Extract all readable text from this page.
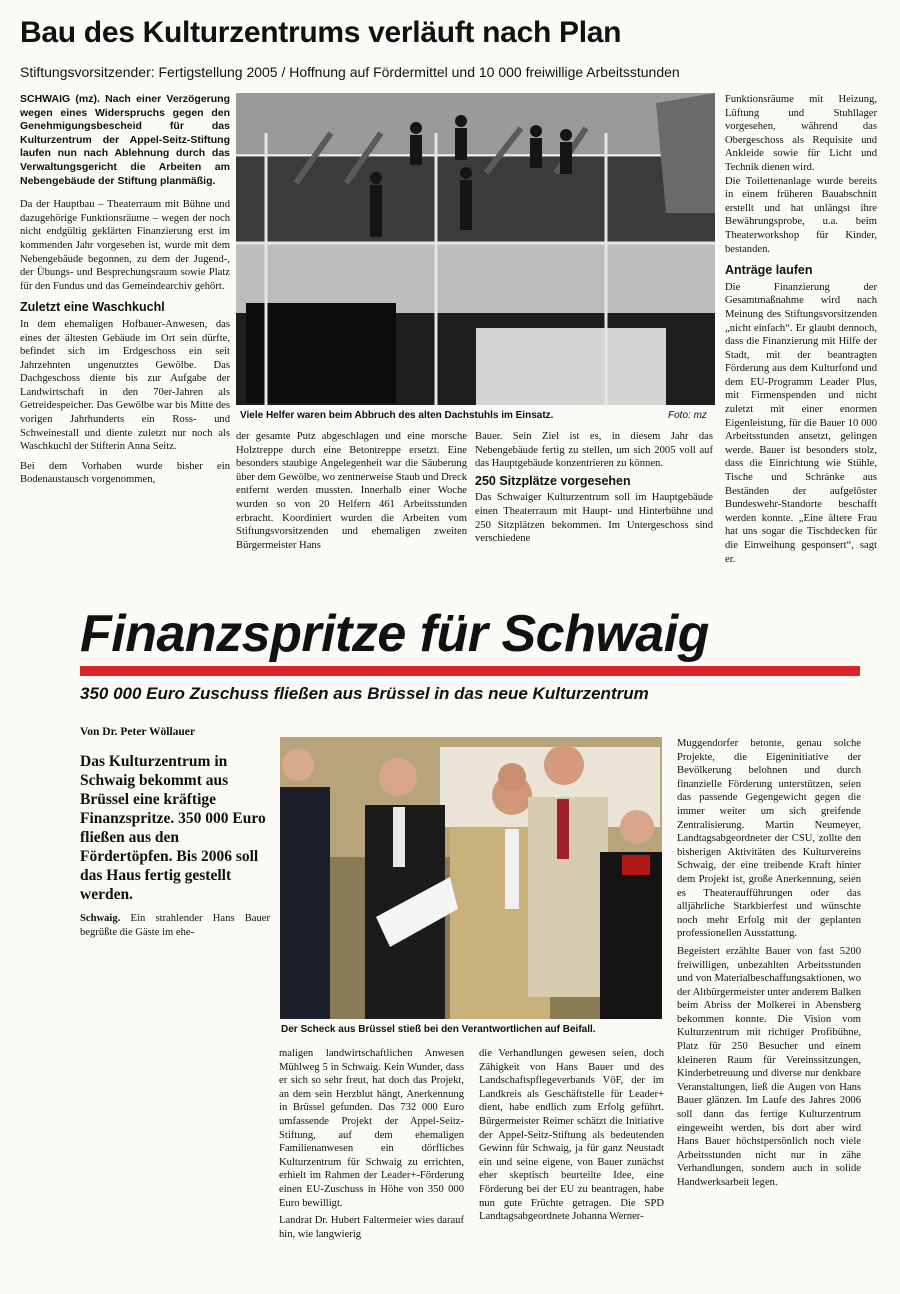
Bau des Kulturzentrums verläuft nach Plan
Stiftungsvorsitzender: Fertigstellung 2005 / Hoffnung auf Fördermittel und 10 000 freiwillige Arbeitsstunden

SCHWAIG (mz). Nach einer Verzögerung wegen eines Widerspruchs gegen den Genehmigungsbescheid für das Kulturzentrum der Appel-Seitz-Stiftung laufen nun nach Ablehnung durch das Verwaltungsgericht die Arbeiten am Nebengebäude der Stiftung planmäßig.

Da der Hauptbau – Theaterraum mit Bühne und dazugehörige Funktionsräume – wegen der noch nicht endgültig geklärten Finanzierung erst im kommenden Jahr vorgesehen ist, wurde mit dem Nebengebäude begonnen, zu dem der Jugend-, der Übungs- und Besprechungsraum sowie Platz für den Fundus und das Gemeindearchiv gehört.

Zuletzt eine Waschkuchl

In dem ehemaligen Hofbauer-Anwesen, das eines der ältesten Gebäude im Ort sein dürfte, befindet sich im Erdgeschoss ein seit Jahrzehnten ungenutztes Gewölbe. Das Dachgeschoss diente bis zur Aufgabe der Landwirtschaft in den 70er-Jahren als Getreidespeicher. Das Gewölbe war bis Mitte des vorigen Jahrhunderts ein Ross- und Schweinestall und diente zuletzt nur noch als Waschkuchl der Stifterin Anna Seitz.

Bei dem Vorhaben wurde bisher ein Bodenaustausch vorgenommen,

Viele Helfer waren beim Abbruch des alten Dachstuhls im Einsatz.	Foto: mz

der gesamte Putz abgeschlagen und eine morsche Holztreppe durch eine Betontreppe ersetzt. Eine besonders staubige Angelegenheit war die Säuberung über dem Gewölbe, wo zentnerweise Staub und Dreck entfernt werden mussten. Innerhalb einer Woche wurden so von 20 Helfern 461 Arbeitsstunden erbracht. Koordiniert wurden die Arbeiten vom Stiftungsvorsitzenden und ehemaligen zweiten Bürgermeister Hans

Bauer. Sein Ziel ist es, in diesem Jahr das Nebengebäude fertig zu stellen, um sich 2005 voll auf das Hauptgebäude konzentrieren zu können.

250 Sitzplätze vorgesehen

Das Schwaiger Kulturzentrum soll im Hauptgebäude einen Theaterraum mit Haupt- und Hinterbühne und 250 Sitzplätzen bekommen. Im Untergeschoss sind verschiedene

Funktionsräume mit Heizung, Lüftung und Stuhllager vorgesehen, während das Obergeschoss als Requisite und Ankleide sowie für Licht und Technik dienen wird.

Die Toilettenanlage wurde bereits in einem früheren Bauabschnitt erstellt und hat unlängst ihre Bewährungsprobe, u.a. beim Theaterworkshop für Kinder, bestanden.

Anträge laufen

Die Finanzierung der Gesamtmaßnahme wird nach Meinung des Stiftungsvorsitzenden „nicht einfach“. Er glaubt dennoch, dass die Finanzierung mit Hilfe der Stadt, mit der beantragten Förderung aus dem Kulturfond und dem EU-Programm Leader Plus, mit Firmenspenden und nicht zuletzt mit einer enormen Eigenleistung, für die Bauer 10 000 Arbeitsstunden ansetzt, gelingen werde. Bauer ist besonders stolz, dass die Einrichtung wie Stühle, Tische und Schränke aus Beständen der aufgelöster Bundeswehr-Standorte beschafft werden konnte. „Eine ältere Frau hat uns sogar die Tischdecken für die Einweihung gesponsert“, sagt er.

Finanzspritze für Schwaig
350 000 Euro Zuschuss fließen aus Brüssel in das neue Kulturzentrum
Von Dr. Peter Wöllauer
Das Kulturzentrum in Schwaig bekommt aus Brüssel eine kräftige Finanzspritze. 350 000 Euro fließen aus den Fördertöpfen. Bis 2006 soll das Haus fertig gestellt werden.

Schwaig. Ein strahlender Hans Bauer begrüßte die Gäste im ehe-

Der Scheck aus Brüssel stieß bei den Verantwortlichen auf Beifall.

Muggendorfer betonte, genau solche Projekte, die Eigeninitiative der Bevölkerung belohnen und durch finanzielle Förderung unterstützen, seien das passende Gegengewicht gegen die immer weiter um sich greifende Zentralisierung. Martin Neumeyer, Landtagsabgeordneter der CSU, zollte den bisherigen Aktivitäten des Kulturvereins Schwaig, der eine treibende Kraft hinter dem Projekt ist, große Anerkennung, seien es Theateraufführungen oder das alljährliche Starkbierfest und wünschte noch mehr Erfolg mit der geplanten professionellen Ausstattung.

Begeistert erzählte Bauer von fast 5200 freiwilligen, unbezahlten Arbeitsstunden und von Materialbeschaffungsaktionen, wo der Altbürgermeister unter anderem Balken beim Abriss der Molkerei in Abensberg bekommen konnte. Die Vision vom Kulturzentrum mit richtiger Profibühne, Platz für 250 Besucher und einem kleineren Raum für Vereinssitzungen, Kinderbetreuung und diverse nur denkbare Veranstaltungen, ließ die Augen von Hans Bauer glänzen. Im Laufe des Jahres 2006 soll dann das fertige Kulturzentrum eingeweiht werden, bis dort aber wird Hans Bauer höchstpersönlich noch viele Arbeitsstunden nicht nur in zähe Verhandlungen, sondern auch in solide Handwerksarbeit legen.

maligen landwirtschaftlichen Anwesen Mühlweg 5 in Schwaig. Kein Wunder, dass er sich so sehr freut, hat doch das Projekt, an dem sein Herzblut hängt, Anerkennung in Brüssel gefunden. Das 732 000 Euro umfassende Projekt der Appel-Seitz-Stiftung, auf dem ehemaligen Familienanwesen ein dörfliches Kulturzentrum für Schwaig zu errichten, erhielt im Rahmen der Leader+-Förderung einen EU-Zuschuss in Höhe von 350 000 Euro bewilligt.

Landrat Dr. Hubert Faltermeier wies darauf hin, wie langwierig

die Verhandlungen gewesen seien, doch Zähigkeit von Hans Bauer und des Landschaftspflegeverbands VöF, der im Landkreis als Geschäftstelle für Leader+ dient, habe endlich zum Erfolg geführt. Bürgermeister Reimer schätzt die Initiative der Appel-Seitz-Stiftung als bedeutenden Gewinn für Schwaig, ja für ganz Neustadt ein und seine eigene, von Bauer zunächst eher skeptisch beurteilte Idee, eine Förderung bei der EU zu beantragen, habe nun gute Früchte getragen. Die SPD Landtagsabgeordnete Johanna Werner-
